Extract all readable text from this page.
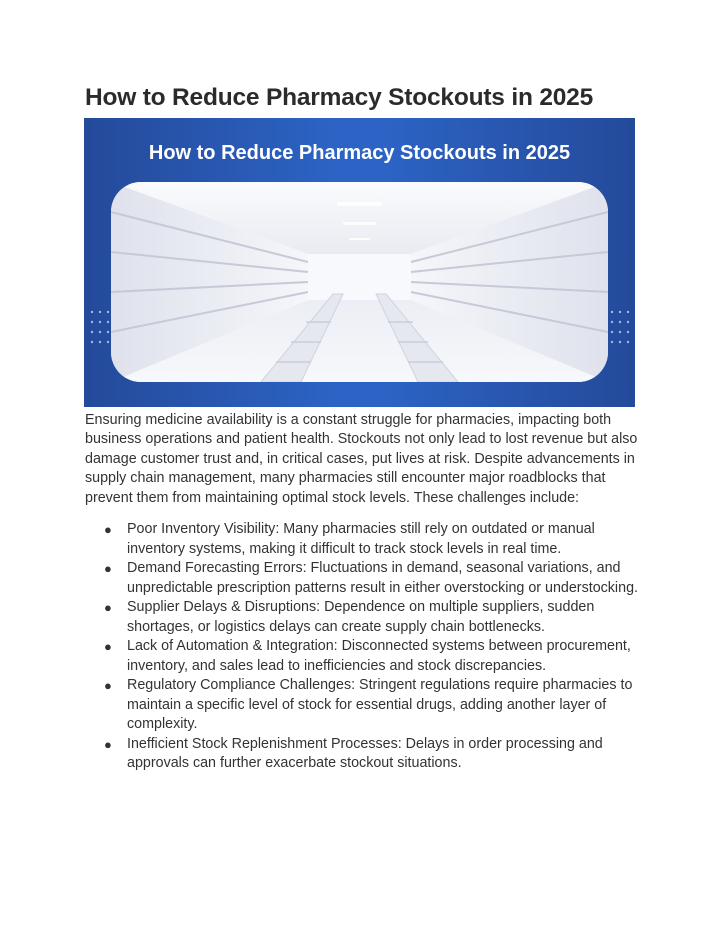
How to Reduce Pharmacy Stockouts in 2025
How to Reduce Pharmacy Stockouts in 2025

Ensuring medicine availability is a constant struggle for pharmacies, impacting both business operations and patient health. Stockouts not only lead to lost revenue but also damage customer trust and, in critical cases, put lives at risk. Despite advancements in supply chain management, many pharmacies still encounter major roadblocks that prevent them from maintaining optimal stock levels. These challenges include:

● Poor Inventory Visibility: Many pharmacies still rely on outdated or manual inventory systems, making it difficult to track stock levels in real time.
● Demand Forecasting Errors: Fluctuations in demand, seasonal variations, and unpredictable prescription patterns result in either overstocking or understocking.
● Supplier Delays & Disruptions: Dependence on multiple suppliers, sudden shortages, or logistics delays can create supply chain bottlenecks.
● Lack of Automation & Integration: Disconnected systems between procurement, inventory, and sales lead to inefficiencies and stock discrepancies.
● Regulatory Compliance Challenges: Stringent regulations require pharmacies to maintain a specific level of stock for essential drugs, adding another layer of complexity.
● Inefficient Stock Replenishment Processes: Delays in order processing and approvals can further exacerbate stockout situations.
